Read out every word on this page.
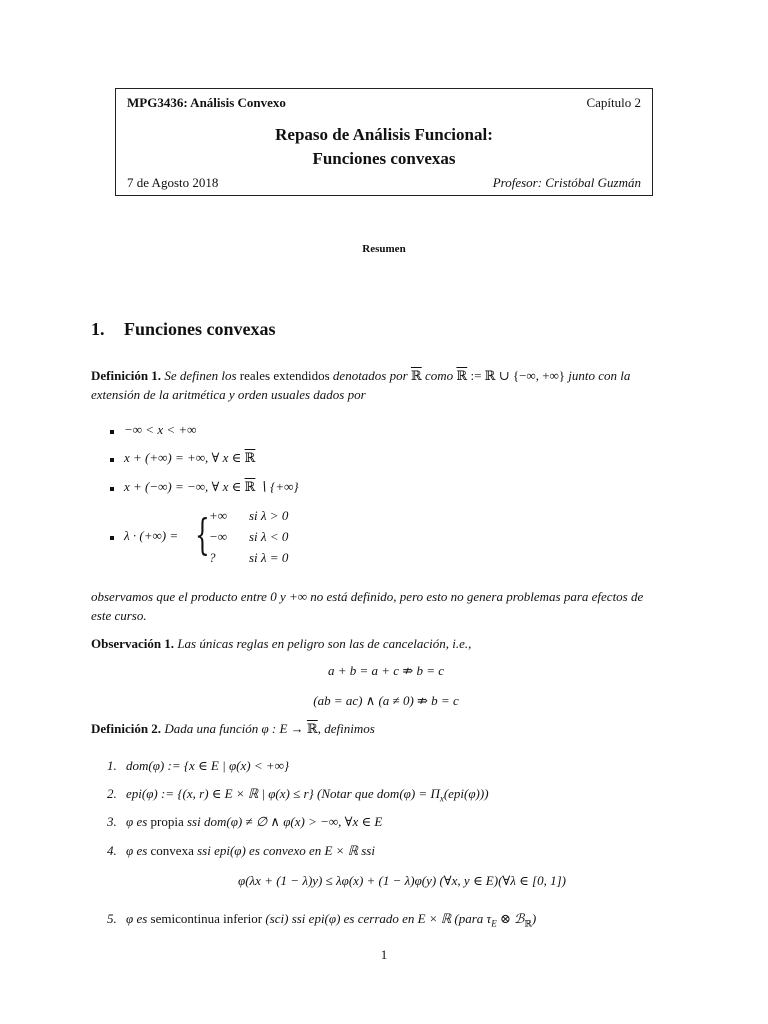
MPG3436: Análisis Convexo	Capítulo 2
Repaso de Análisis Funcional:
Funciones convexas
7 de Agosto 2018	Profesor: Cristóbal Guzmán
Resumen
1. Funciones convexas
Definición 1. Se definen los reales extendidos denotados por ℝ como ℝ := ℝ ∪ {−∞, +∞} junto con la
extensión de la aritmética y orden usuales dados por
−∞ < x < +∞
x + (+∞) = +∞, ∀ x ∈ ℝ
x + (−∞) = −∞, ∀ x ∈ ℝ ∖ {+∞}
λ · (+∞) = { +∞ si λ > 0
−∞ si λ < 0
?	si λ = 0
observamos que el producto entre 0 y +∞ no está definido, pero esto no genera problemas para efectos de
este curso.
Observación 1. Las únicas reglas en peligro son las de cancelación, i.e.,
a + b = a + c ⇏ b = c
(ab = ac) ∧ (a ≠ 0) ⇏ b = c
Definición 2. Dada una función φ : E → ℝ, definimos
1. dom(φ) := {x ∈ E | φ(x) < +∞}
2. epi(φ) := {(x, r) ∈ E × ℝ | φ(x) ≤ r} (Notar que $dom(\varphi) = \Pi_x(epi(\varphi))$)
3. φ es propia ssi dom(φ) ≠ ∅ ∧ φ(x) > −∞, ∀x ∈ E
4. φ es convexa ssi epi(φ) es convexo en E × ℝ ssi
φ(λx + (1 − λ)y) ≤ λφ(x) + (1 − λ)φ(y) (∀x, y ∈ E)(∀λ ∈ [0, 1])
5. φ es semicontinua inferior (sci) ssi epi(φ) es cerrado en E × ℝ (para $\tau_E$ ⊗ ℬ$_ℝ$)
1
